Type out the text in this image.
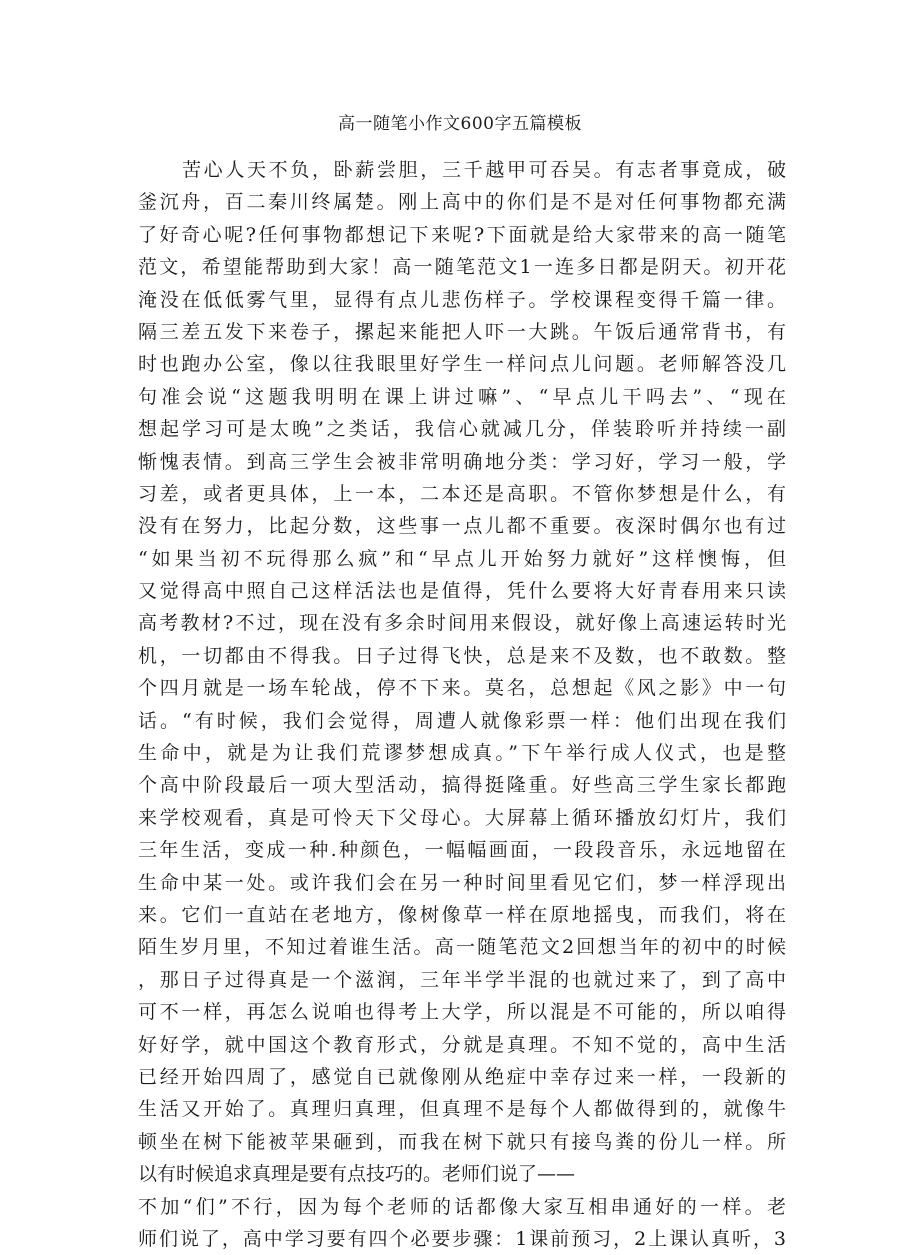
高一随笔小作文600字五篇模板
苦心人天不负，卧薪尝胆，三千越甲可吞吴。有志者事竟成，破
釜沉舟，百二秦川终属楚。刚上高中的你们是不是对任何事物都充满
了好奇心呢?任何事物都想记下来呢?下面就是给大家带来的高一随笔
范文，希望能帮助到大家！高一随笔范文1一连多日都是阴天。初开花
淹没在低低雾气里，显得有点儿悲伤样子。学校课程变得千篇一律。
隔三差五发下来卷子，摞起来能把人吓一大跳。午饭后通常背书，有
时也跑办公室，像以往我眼里好学生一样问点儿问题。老师解答没几
句准会说“这题我明明在课上讲过嘛”、“早点儿干吗去”、“现在
想起学习可是太晚”之类话，我信心就减几分，佯装聆听并持续一副
惭愧表情。到高三学生会被非常明确地分类：学习好，学习一般，学
习差，或者更具体，上一本，二本还是高职。不管你梦想是什么，有
没有在努力，比起分数，这些事一点儿都不重要。夜深时偶尔也有过
“如果当初不玩得那么疯”和“早点儿开始努力就好”这样懊悔，但
又觉得高中照自己这样活法也是值得，凭什么要将大好青春用来只读
高考教材?不过，现在没有多余时间用来假设，就好像上高速运转时光
机，一切都由不得我。日子过得飞快，总是来不及数，也不敢数。整
个四月就是一场车轮战，停不下来。莫名，总想起《风之影》中一句
话。“有时候，我们会觉得，周遭人就像彩票一样：他们出现在我们
生命中，就是为让我们荒谬梦想成真。”下午举行成人仪式，也是整
个高中阶段最后一项大型活动，搞得挺隆重。好些高三学生家长都跑
来学校观看，真是可怜天下父母心。大屏幕上循环播放幻灯片，我们
三年生活，变成一种.种颜色，一幅幅画面，一段段音乐，永远地留在
生命中某一处。或许我们会在另一种时间里看见它们，梦一样浮现出
来。它们一直站在老地方，像树像草一样在原地摇曳，而我们，将在
陌生岁月里，不知过着谁生活。高一随笔范文2回想当年的初中的时候
，那日子过得真是一个滋润，三年半学半混的也就过来了，到了高中
可不一样，再怎么说咱也得考上大学，所以混是不可能的，所以咱得
好好学，就中国这个教育形式，分就是真理。不知不觉的，高中生活
已经开始四周了，感觉自已就像刚从绝症中幸存过来一样，一段新的
生活又开始了。真理归真理，但真理不是每个人都做得到的，就像牛
顿坐在树下能被苹果砸到，而我在树下就只有接鸟粪的份儿一样。所
以有时候追求真理是要有点技巧的。老师们说了——
不加“们”不行，因为每个老师的话都像大家互相串通好的一样。老
师们说了，高中学习要有四个必要步骤：1课前预习，2上课认真听，3
